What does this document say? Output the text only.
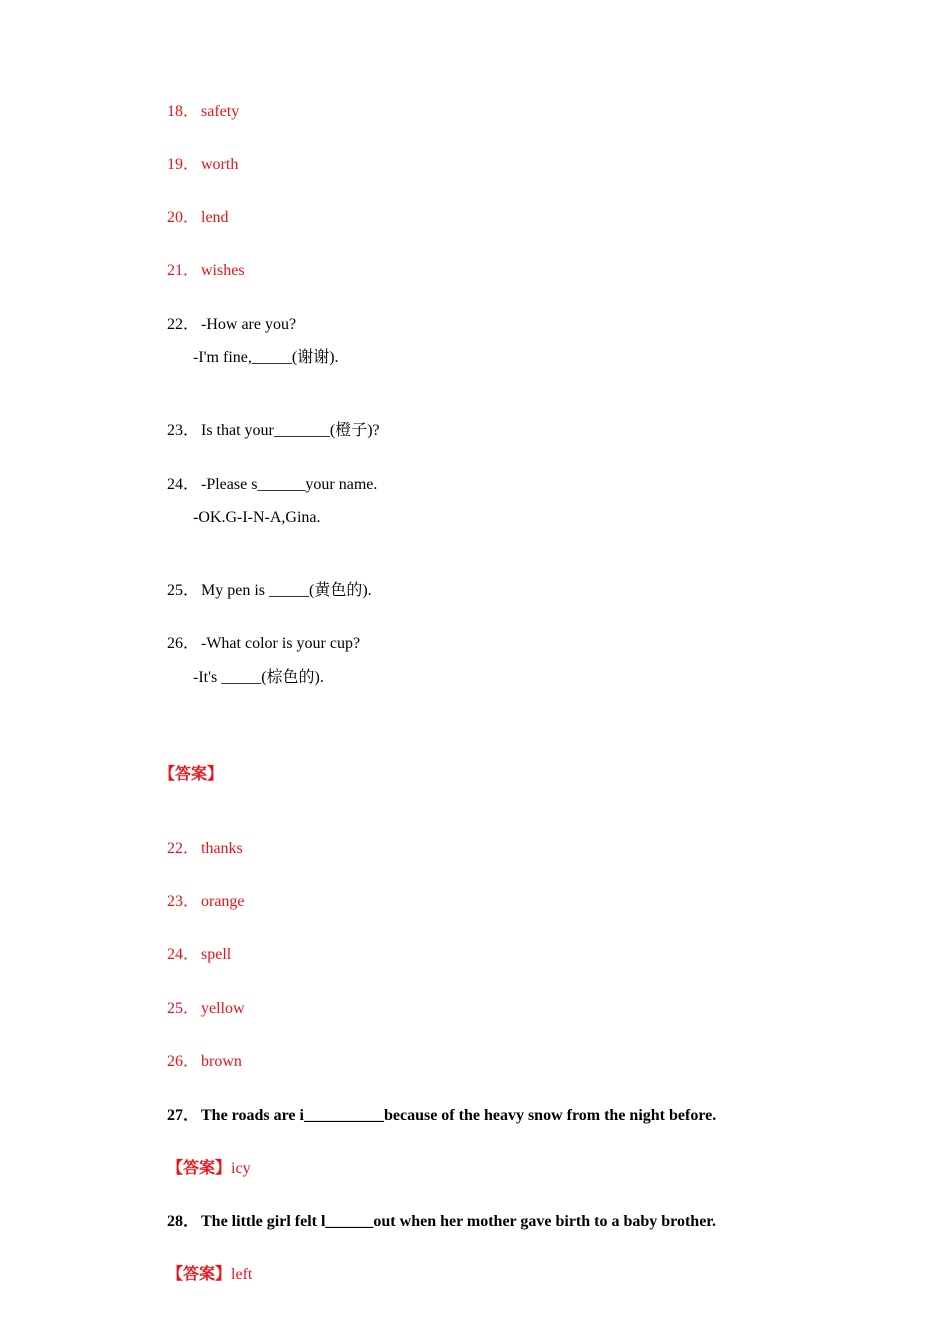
18． safety

19． worth

20． lend

21． wishes

22． -How are you?

-I'm fine,_____(谢谢).

23． Is that your_______(橙子)?

24． -Please s______your name.

-OK.G-I-N-A,Gina.

25． My pen is _____(黄色的).

26． -What color is your cup?

-It's _____(棕色的).
【答案】

22． thanks

23． orange

24． spell

25． yellow

26． brown

27． The roads are i__________because of the heavy snow from the night before.

【答案】icy

28． The little girl felt l______out when her mother gave birth to a baby brother.

【答案】left
